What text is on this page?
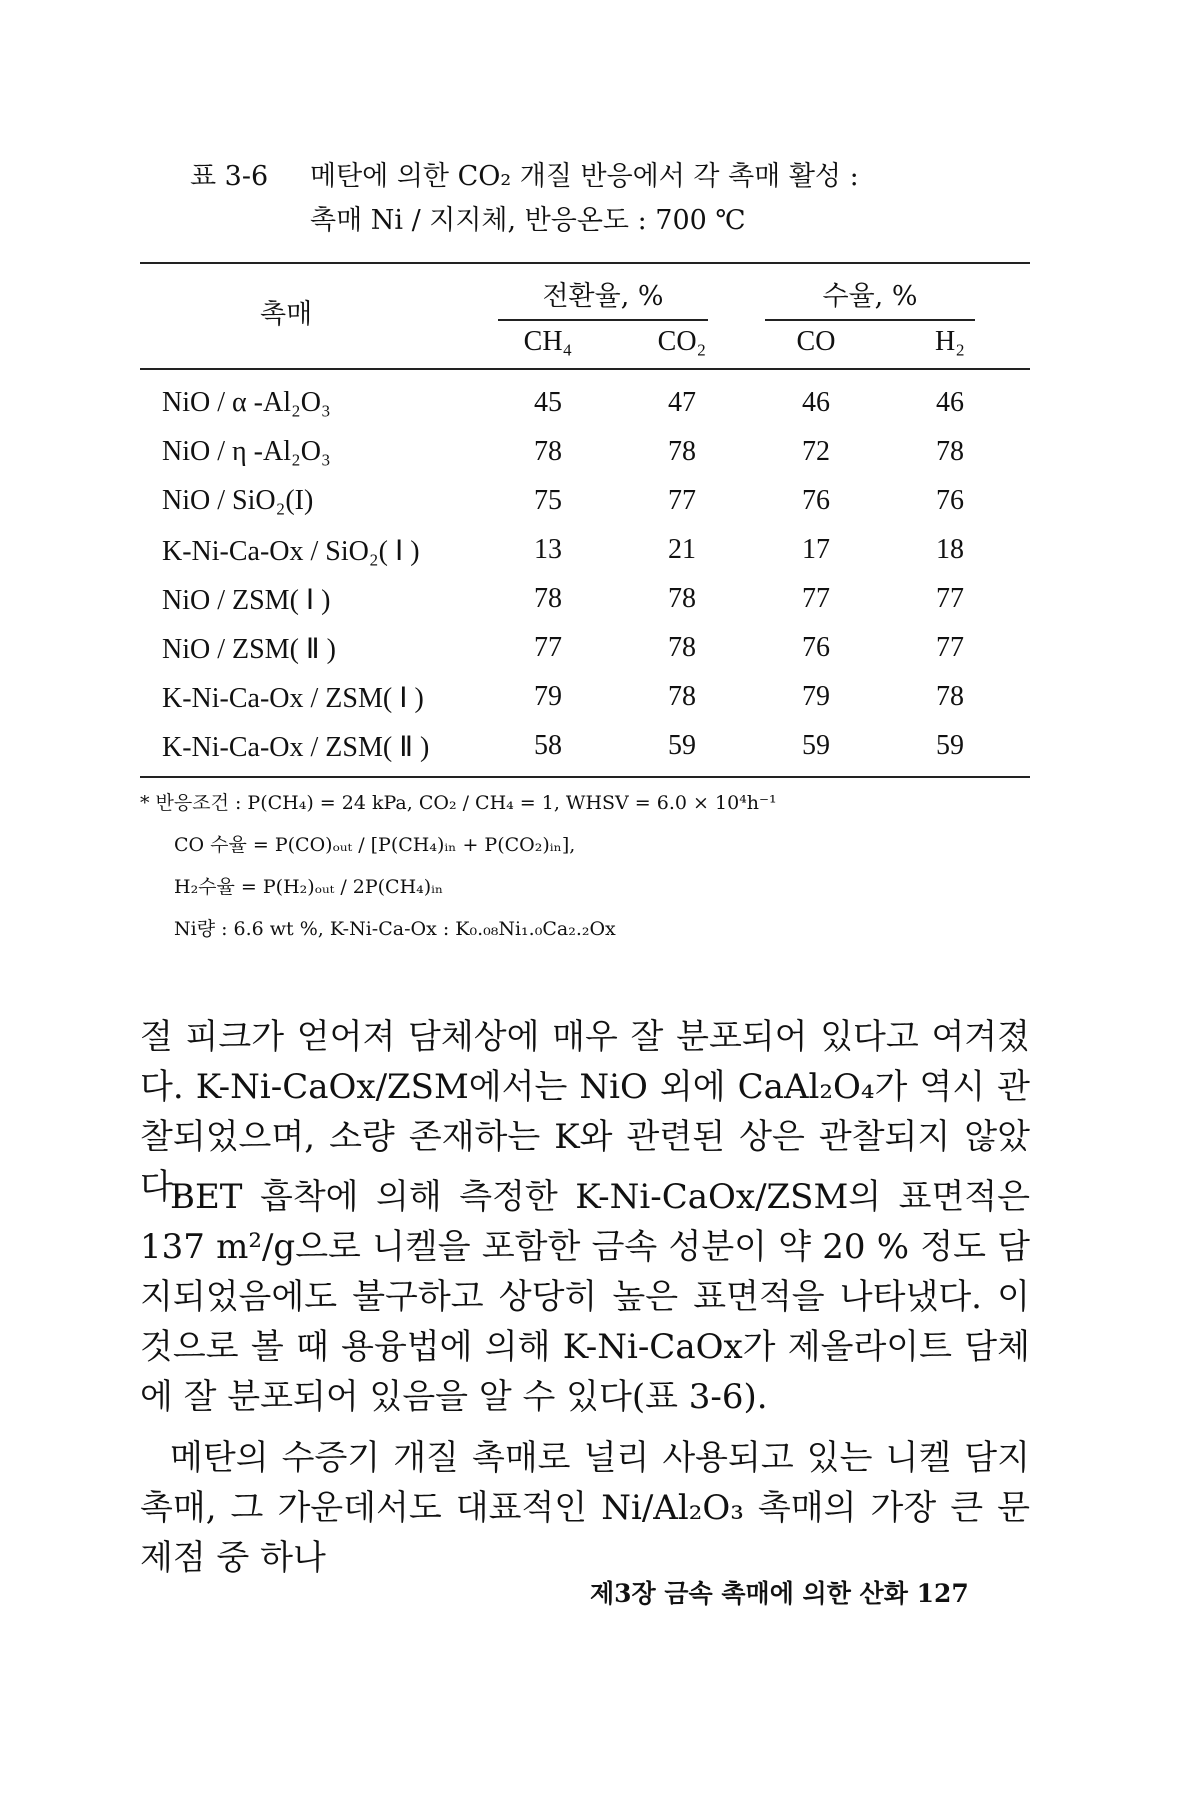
표 3-6 메탄에 의한 CO₂ 개질 반응에서 각 촉매 활성 :
촉매 Ni / 지지체, 반응온도 : 700 ℃
촉매
전환율, %	수율, %
CH₄	CO₂	CO	H₂
NiO / α -Al₂O₃	45	47	46	46
NiO / η -Al₂O₃	78	78	72	78
NiO / SiO₂(I)	75	77	76	76
K-Ni-Ca-Ox / SiO₂( Ⅰ )	13	21	17	18
NiO / ZSM( Ⅰ )	78	78	77	77
NiO / ZSM( Ⅱ )	77	78	76	77
K-Ni-Ca-Ox / ZSM( Ⅰ )	79	78	79	78
K-Ni-Ca-Ox / ZSM( Ⅱ )	58	59	59	59
* 반응조건 : P(CH₄) = 24 kPa, CO₂ / CH₄ = 1, WHSV = 6.0 × 10⁴h⁻¹
CO 수율 = P(CO)ₒᵤₜ / [P(CH₄)ᵢₙ + P(CO₂)ᵢₙ],
H₂수율 = P(H₂)ₒᵤₜ / 2P(CH₄)ᵢₙ
Ni량 : 6.6 wt %, K-Ni-Ca-Ox : K₀.₀₈Ni₁.₀Ca₂.₂Ox
절 피크가 얻어져 담체상에 매우 잘 분포되어 있다고 여겨졌다. K-Ni-CaOx/ZSM에서는 NiO 외에 CaAl₂O₄가 역시 관찰되었으며, 소량 존재하는 K와 관련된 상은 관찰되지 않았다.
BET 흡착에 의해 측정한 K-Ni-CaOx/ZSM의 표면적은 137 m²/g으로 니켈을 포함한 금속 성분이 약 20 % 정도 담지되었음에도 불구하고 상당히 높은 표면적을 나타냈다. 이것으로 볼 때 용융법에 의해 K-Ni-CaOx가 제올라이트 담체에 잘 분포되어 있음을 알 수 있다(표 3-6).
메탄의 수증기 개질 촉매로 널리 사용되고 있는 니켈 담지 촉매, 그 가운데서도 대표적인 Ni/Al₂O₃ 촉매의 가장 큰 문제점 중 하나
제3장 금속 촉매에 의한 산화 127
